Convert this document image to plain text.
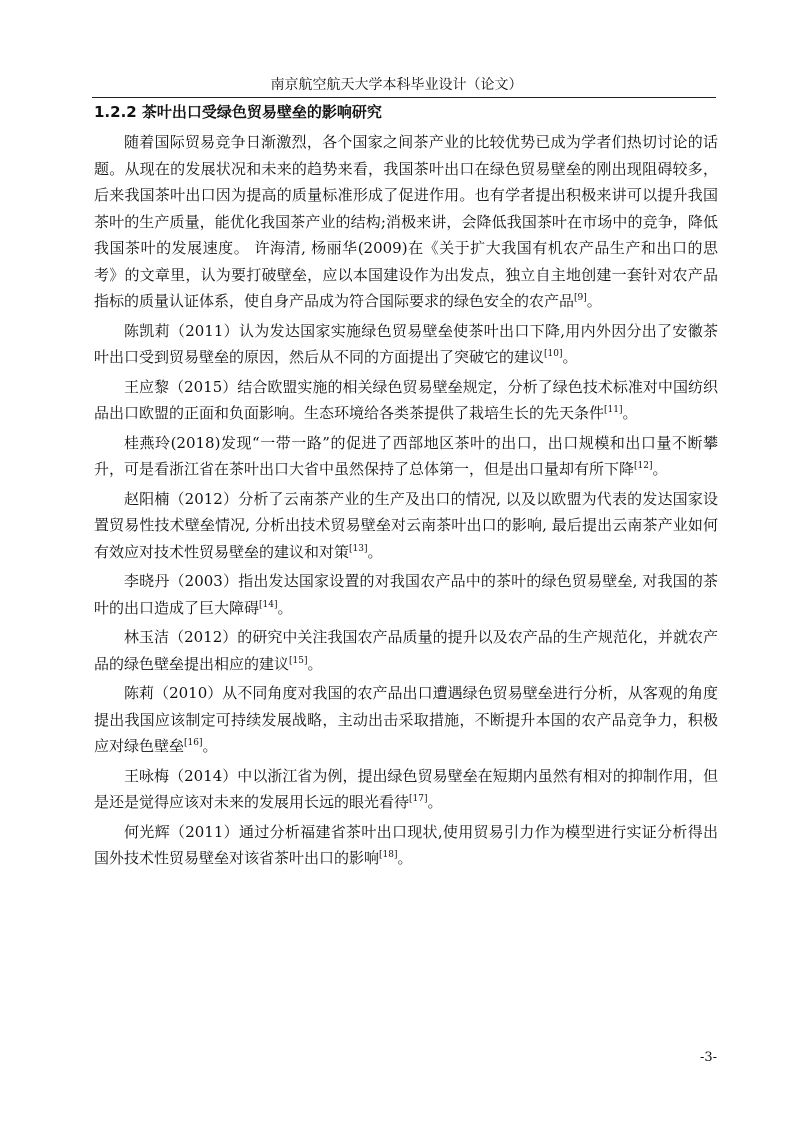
南京航空航天大学本科毕业设计（论文）
1.2.2 茶叶出口受绿色贸易壁垒的影响研究

随着国际贸易竞争日渐激烈，各个国家之间茶产业的比较优势已成为学者们热切讨论的话题。从现在的发展状况和未来的趋势来看，我国茶叶出口在绿色贸易壁垒的刚出现阻碍较多，后来我国茶叶出口因为提高的质量标准形成了促进作用。也有学者提出积极来讲可以提升我国茶叶的生产质量，能优化我国茶产业的结构;消极来讲，会降低我国茶叶在市场中的竞争，降低我国茶叶的发展速度。 许海清, 杨丽华(2009)在《关于扩大我国有机农产品生产和出口的思考》的文章里，认为要打破壁垒，应以本国建设作为出发点，独立自主地创建一套针对农产品指标的质量认证体系，使自身产品成为符合国际要求的绿色安全的农产品[9]。

陈凯莉（2011）认为发达国家实施绿色贸易壁垒使茶叶出口下降,用内外因分出了安徽茶叶出口受到贸易壁垒的原因，然后从不同的方面提出了突破它的建议[10]。

王应黎（2015）结合欧盟实施的相关绿色贸易壁垒规定，分析了绿色技术标准对中国纺织品出口欧盟的正面和负面影响。生态环境给各类茶提供了栽培生长的先天条件[11]。

桂燕玲(2018)发现“一带一路”的促进了西部地区茶叶的出口，出口规模和出口量不断攀升，可是看浙江省在茶叶出口大省中虽然保持了总体第一，但是出口量却有所下降[12]。

赵阳楠（2012）分析了云南茶产业的生产及出口的情况, 以及以欧盟为代表的发达国家设置贸易性技术壁垒情况, 分析出技术贸易壁垒对云南茶叶出口的影响, 最后提出云南茶产业如何有效应对技术性贸易壁垒的建议和对策[13]。

李晓丹（2003）指出发达国家设置的对我国农产品中的茶叶的绿色贸易壁垒, 对我国的茶叶的出口造成了巨大障碍[14]。

林玉洁（2012）的研究中关注我国农产品质量的提升以及农产品的生产规范化，并就农产品的绿色壁垒提出相应的建议[15]。

陈莉（2010）从不同角度对我国的农产品出口遭遇绿色贸易壁垒进行分析，从客观的角度提出我国应该制定可持续发展战略，主动出击采取措施，不断提升本国的农产品竞争力，积极应对绿色壁垒[16]。

王咏梅（2014）中以浙江省为例，提出绿色贸易壁垒在短期内虽然有相对的抑制作用，但是还是觉得应该对未来的发展用长远的眼光看待[17]。

何光辉（2011）通过分析福建省茶叶出口现状,使用贸易引力作为模型进行实证分析得出国外技术性贸易壁垒对该省茶叶出口的影响[18]。

-3-
